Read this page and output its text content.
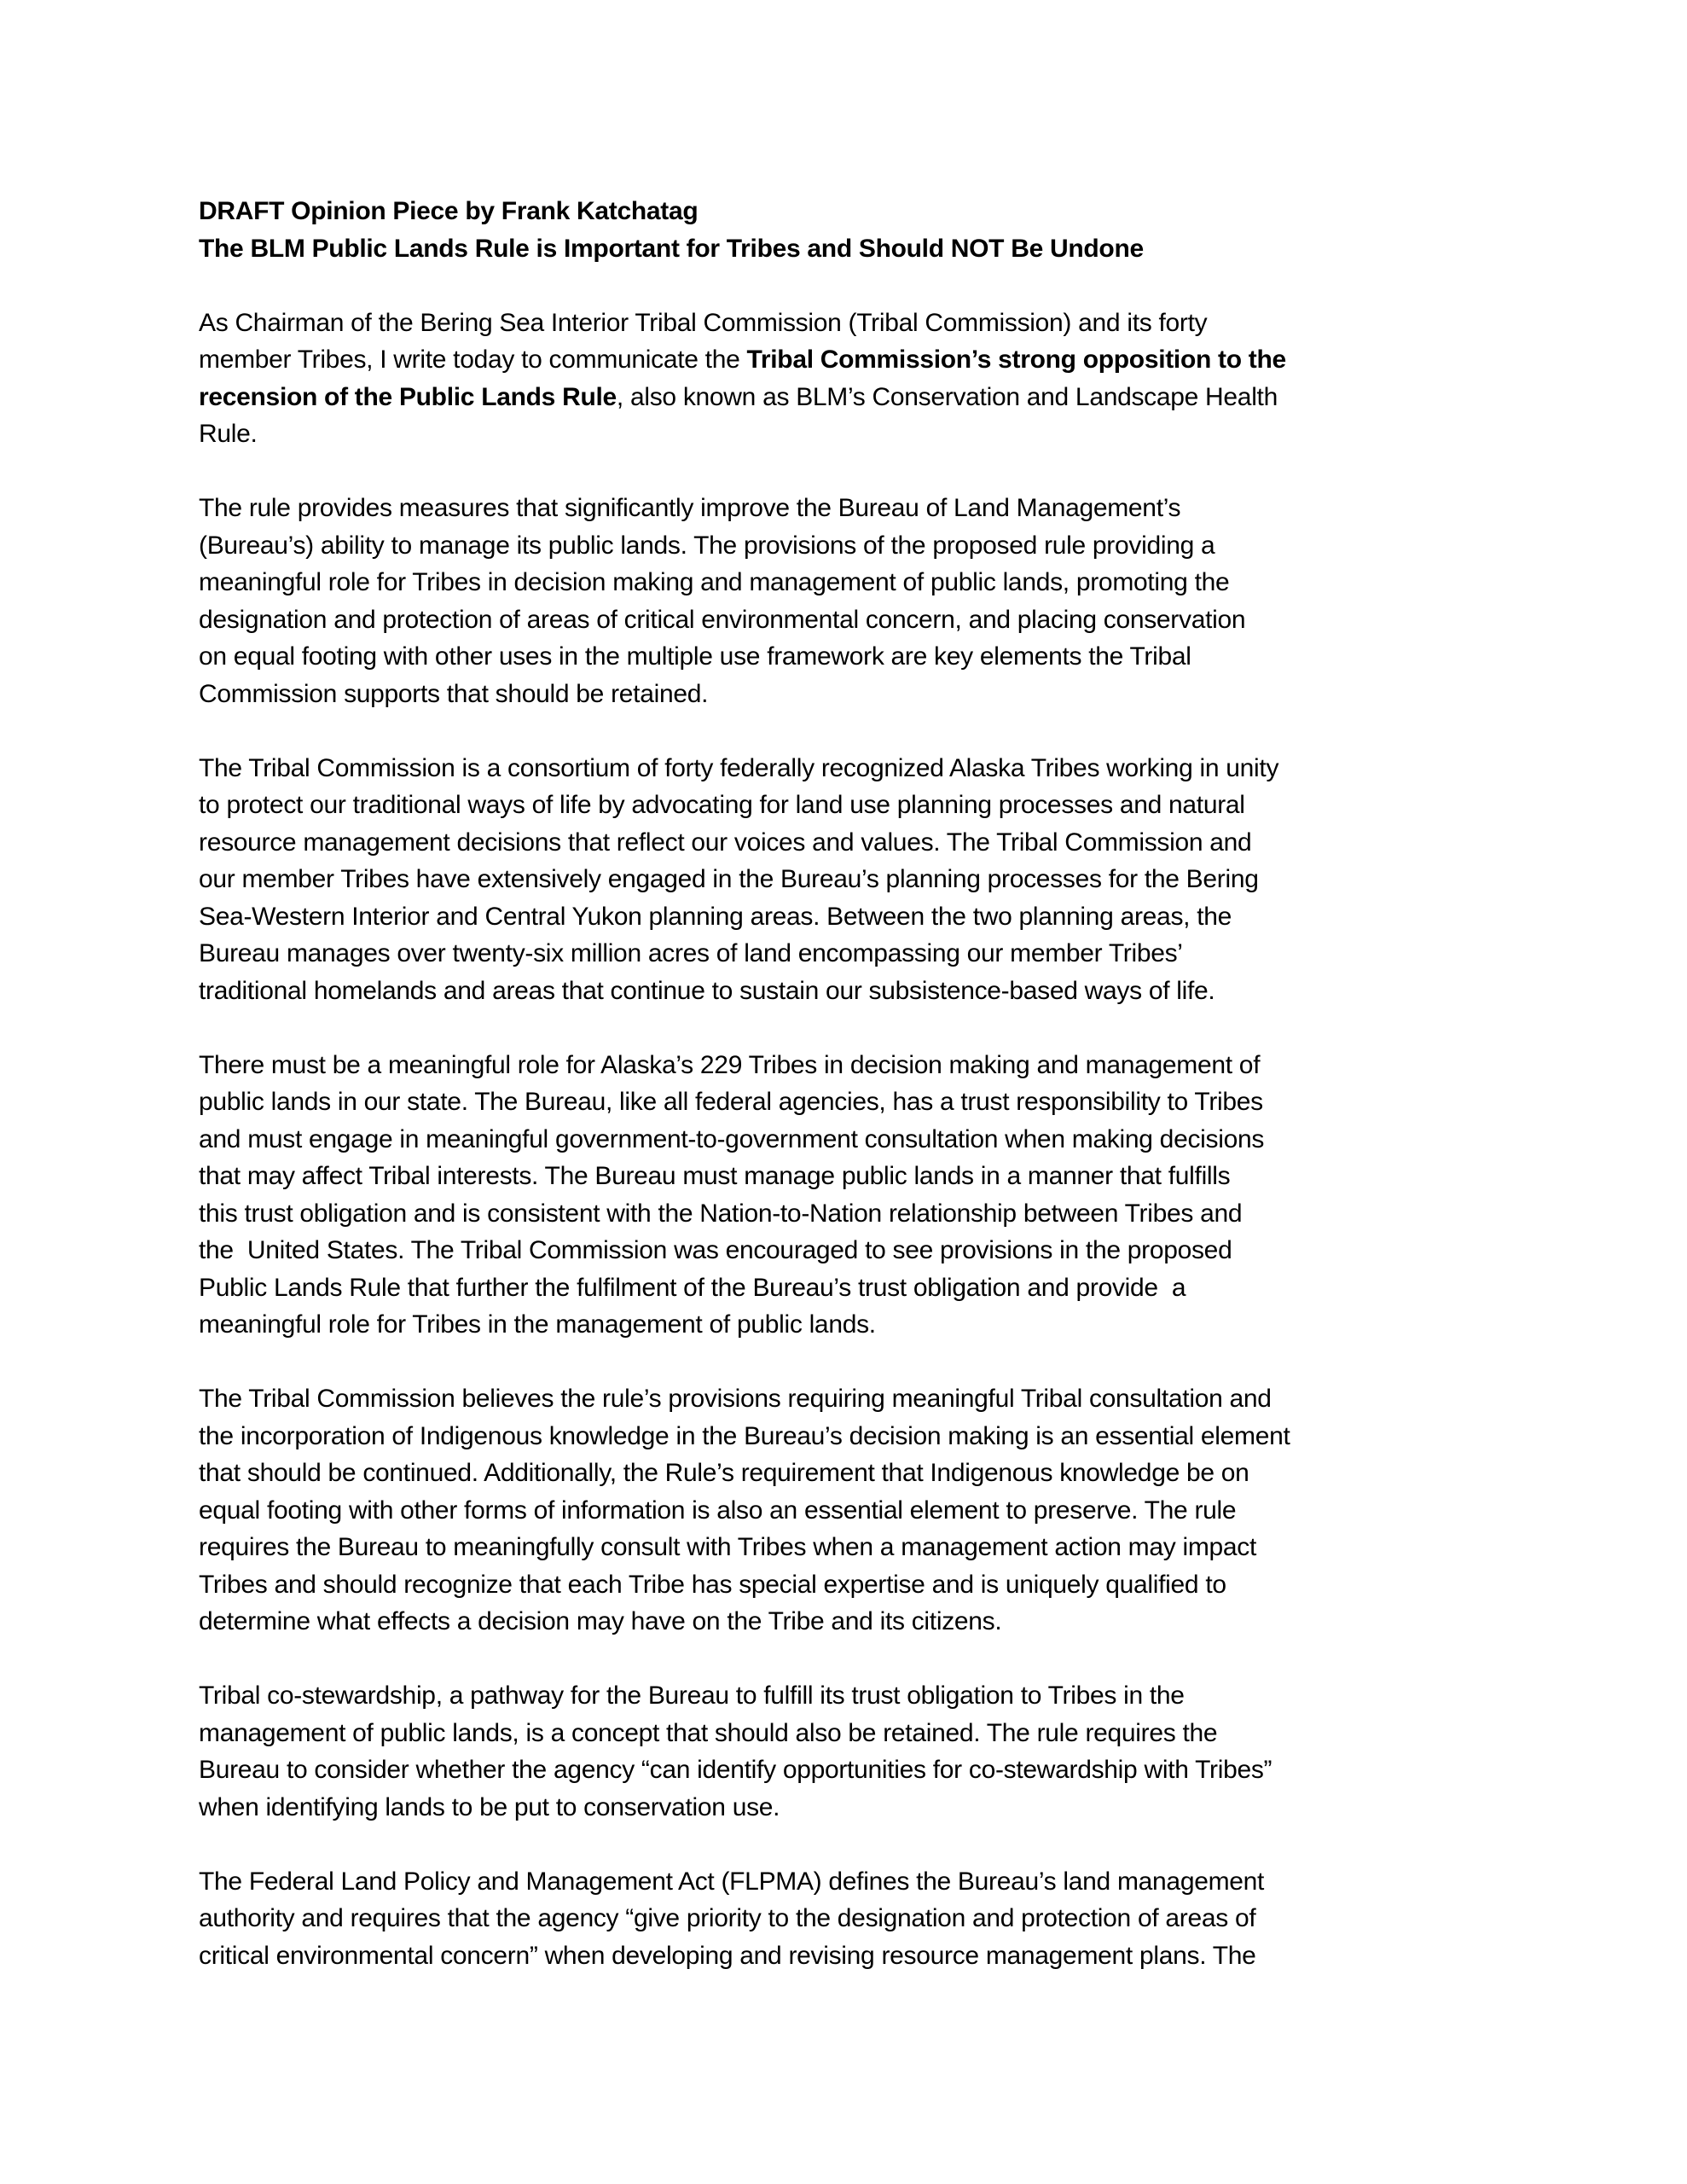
DRAFT Opinion Piece by Frank Katchatag
The BLM Public Lands Rule is Important for Tribes and Should NOT Be Undone
As Chairman of the Bering Sea Interior Tribal Commission (Tribal Commission) and its forty
member Tribes, I write today to communicate the Tribal Commission’s strong opposition to the
recension of the Public Lands Rule, also known as BLM’s Conservation and Landscape Health
Rule.
The rule provides measures that significantly improve the Bureau of Land Management’s
(Bureau’s) ability to manage its public lands. The provisions of the proposed rule providing a
meaningful role for Tribes in decision making and management of public lands, promoting the
designation and protection of areas of critical environmental concern, and placing conservation
on equal footing with other uses in the multiple use framework are key elements the Tribal
Commission supports that should be retained.
The Tribal Commission is a consortium of forty federally recognized Alaska Tribes working in unity
to protect our traditional ways of life by advocating for land use planning processes and natural
resource management decisions that reflect our voices and values. The Tribal Commission and
our member Tribes have extensively engaged in the Bureau’s planning processes for the Bering
Sea-Western Interior and Central Yukon planning areas. Between the two planning areas, the
Bureau manages over twenty-six million acres of land encompassing our member Tribes’
traditional homelands and areas that continue to sustain our subsistence-based ways of life.
There must be a meaningful role for Alaska’s 229 Tribes in decision making and management of
public lands in our state. The Bureau, like all federal agencies, has a trust responsibility to Tribes
and must engage in meaningful government-to-government consultation when making decisions
that may affect Tribal interests. The Bureau must manage public lands in a manner that fulfills
this trust obligation and is consistent with the Nation-to-Nation relationship between Tribes and
the  United States. The Tribal Commission was encouraged to see provisions in the proposed
Public Lands Rule that further the fulfilment of the Bureau’s trust obligation and provide  a
meaningful role for Tribes in the management of public lands.
The Tribal Commission believes the rule’s provisions requiring meaningful Tribal consultation and
the incorporation of Indigenous knowledge in the Bureau’s decision making is an essential element
that should be continued. Additionally, the Rule’s requirement that Indigenous knowledge be on
equal footing with other forms of information is also an essential element to preserve. The rule
requires the Bureau to meaningfully consult with Tribes when a management action may impact
Tribes and should recognize that each Tribe has special expertise and is uniquely qualified to
determine what effects a decision may have on the Tribe and its citizens.
Tribal co-stewardship, a pathway for the Bureau to fulfill its trust obligation to Tribes in the
management of public lands, is a concept that should also be retained. The rule requires the
Bureau to consider whether the agency “can identify opportunities for co-stewardship with Tribes”
when identifying lands to be put to conservation use.
The Federal Land Policy and Management Act (FLPMA) defines the Bureau’s land management
authority and requires that the agency “give priority to the designation and protection of areas of
critical environmental concern” when developing and revising resource management plans. The
